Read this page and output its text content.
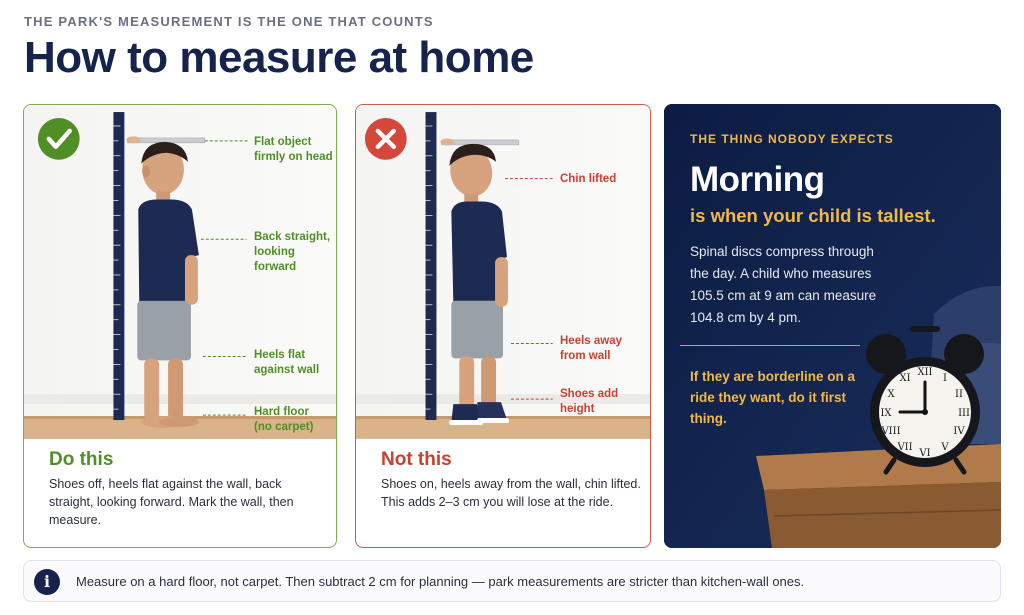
THE PARK'S MEASUREMENT IS THE ONE THAT COUNTS
How to measure at home
Flat object
firmly on head
Back straight,
looking forward
Heels flat
against wall
Hard floor
(no carpet)
Do this
Shoes off, heels flat against the wall, back straight, looking forward. Mark the wall, then measure.
Chin lifted
Heels away
from wall
Shoes add
height
Not this
Shoes on, heels away from the wall, chin lifted. This adds 2–3 cm you will lose at the ride.
XII
VI
IX	III
I
II
IV
V
VII
VIII
X
XI
THE THING NOBODY EXPECTS
Morning
is when your child is tallest.
Spinal discs compress through the day. A child who measures 105.5 cm at 9 am can measure 104.8 cm by 4 pm.
If they are borderline on a ride they want, do it first thing.
i	Measure on a hard floor, not carpet. Then subtract 2 cm for planning — park measurements are stricter than kitchen-wall ones.
